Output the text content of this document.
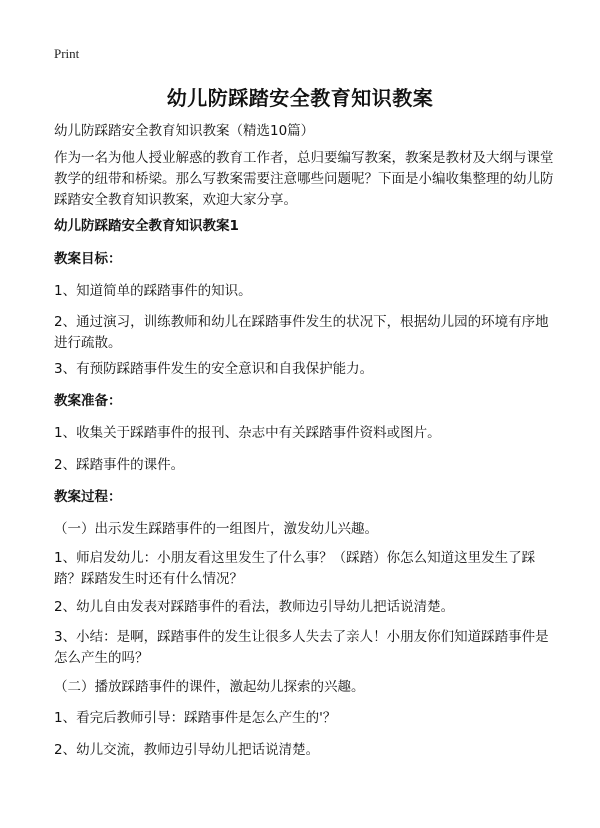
Print
幼儿防踩踏安全教育知识教案

幼儿防踩踏安全教育知识教案（精选10篇）

作为一名为他人授业解惑的教育工作者，总归要编写教案，教案是教材及大纲与课堂教学的纽带和桥梁。那么写教案需要注意哪些问题呢？下面是小编收集整理的幼儿防踩踏安全教育知识教案，欢迎大家分享。

幼儿防踩踏安全教育知识教案1

教案目标：

1、知道简单的踩踏事件的知识。

2、通过演习，训练教师和幼儿在踩踏事件发生的状况下，根据幼儿园的环境有序地进行疏散。

3、有预防踩踏事件发生的安全意识和自我保护能力。

教案准备：

1、收集关于踩踏事件的报刊、杂志中有关踩踏事件资料或图片。

2、踩踏事件的课件。

教案过程：

（一）出示发生踩踏事件的一组图片，激发幼儿兴趣。

1、师启发幼儿：小朋友看这里发生了什么事？（踩踏）你怎么知道这里发生了踩踏？踩踏发生时还有什么情况？

2、幼儿自由发表对踩踏事件的看法，教师边引导幼儿把话说清楚。

3、小结：是啊，踩踏事件的发生让很多人失去了亲人！小朋友你们知道踩踏事件是怎么产生的吗？

（二）播放踩踏事件的课件，激起幼儿探索的兴趣。

1、看完后教师引导：踩踏事件是怎么产生的'？

2、幼儿交流，教师边引导幼儿把话说清楚。
